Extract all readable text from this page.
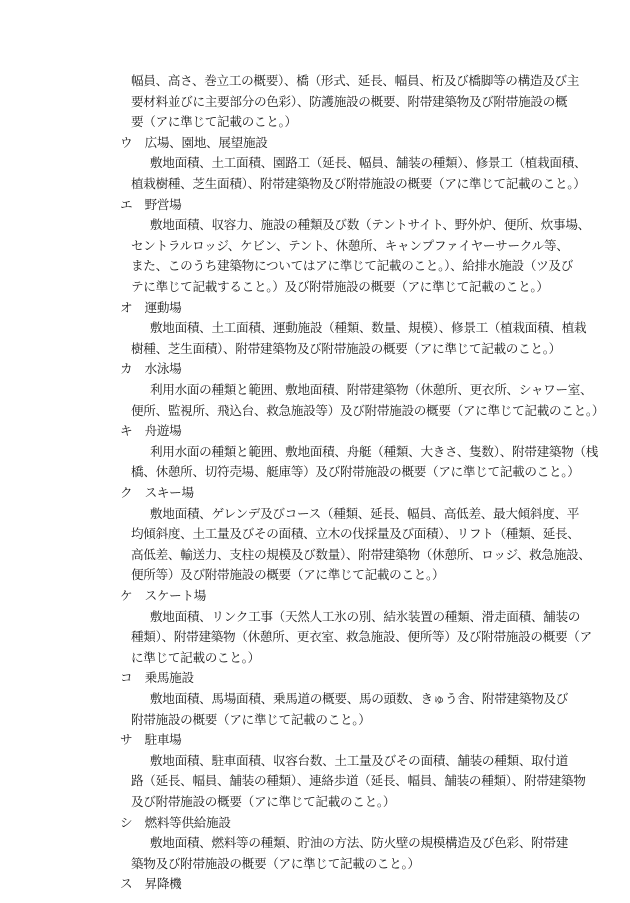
幅員、高さ、巻立工の概要）、橋（形式、延長、幅員、桁及び橋脚等の構造及び主
要材料並びに主要部分の色彩）、防護施設の概要、附帯建築物及び附帯施設の概
要（アに準じて記載のこと。）
ウ　広場、園地、展望施設
敷地面積、土工面積、園路工（延長、幅員、舗装の種類）、修景工（植栽面積、
植栽樹種、芝生面積）、附帯建築物及び附帯施設の概要（アに準じて記載のこと。）
エ　野営場
敷地面積、収容力、施設の種類及び数（テントサイト、野外炉、便所、炊事場、
セントラルロッジ、ケビン、テント、休憩所、キャンプファイヤーサークル等、
また、このうち建築物についてはアに準じて記載のこと。）、給排水施設（ツ及び
テに準じて記載すること。）及び附帯施設の概要（アに準じて記載のこと。）
オ　運動場
敷地面積、土工面積、運動施設（種類、数量、規模）、修景工（植栽面積、植栽
樹種、芝生面積）、附帯建築物及び附帯施設の概要（アに準じて記載のこと。）
カ　水泳場
利用水面の種類と範囲、敷地面積、附帯建築物（休憩所、更衣所、シャワー室、
便所、監視所、飛込台、救急施設等）及び附帯施設の概要（アに準じて記載のこと。）
キ　舟遊場
利用水面の種類と範囲、敷地面積、舟艇（種類、大きさ、隻数）、附帯建築物（桟
橋、休憩所、切符売場、艇庫等）及び附帯施設の概要（アに準じて記載のこと。）
ク　スキー場
敷地面積、ゲレンデ及びコース（種類、延長、幅員、高低差、最大傾斜度、平
均傾斜度、土工量及びその面積、立木の伐採量及び面積）、リフト（種類、延長、
高低差、輸送力、支柱の規模及び数量）、附帯建築物（休憩所、ロッジ、救急施設、
便所等）及び附帯施設の概要（アに準じて記載のこと。）
ケ　スケート場
敷地面積、リンク工事（天然人工氷の別、結氷装置の種類、滑走面積、舗装の
種類）、附帯建築物（休憩所、更衣室、救急施設、便所等）及び附帯施設の概要（ア
に準じて記載のこと。）
コ　乗馬施設
敷地面積、馬場面積、乗馬道の概要、馬の頭数、きゅう舎、附帯建築物及び
附帯施設の概要（アに準じて記載のこと。）
サ　駐車場
敷地面積、駐車面積、収容台数、土工量及びその面積、舗装の種類、取付道
路（延長、幅員、舗装の種類）、連絡歩道（延長、幅員、舗装の種類）、附帯建築物
及び附帯施設の概要（アに準じて記載のこと。）
シ　燃料等供給施設
敷地面積、燃料等の種類、貯油の方法、防火壁の規模構造及び色彩、附帯建
築物及び附帯施設の概要（アに準じて記載のこと。）
ス　昇降機
